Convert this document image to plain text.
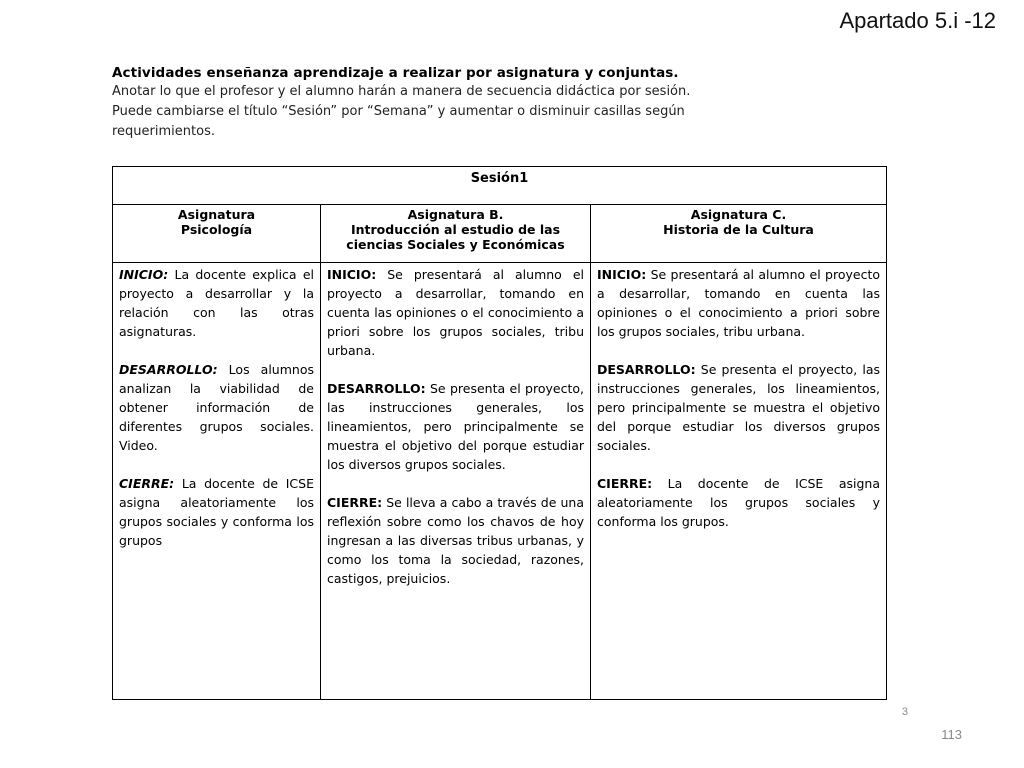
Apartado 5.i -12

Actividades enseñanza aprendizaje a realizar por asignatura y conjuntas.

Anotar lo que el profesor y el alumno harán a manera de secuencia didáctica por sesión.

Puede cambiarse el título “Sesión” por “Semana” y aumentar o disminuir casillas según

requerimientos.

Sesión1
Asignatura
Psicología

INICIO: La docente explica el proyecto a desarrollar y la relación con las otras asignaturas.

DESARROLLO: Los alumnos analizan la viabilidad de obtener información de diferentes grupos sociales. Video.

CIERRE: La docente de ICSE asigna aleatoriamente los grupos sociales y conforma los grupos

Asignatura B.
Introducción al estudio de las ciencias Sociales y Económicas

INICIO: Se presentará al alumno el proyecto a desarrollar, tomando en cuenta las opiniones o el conocimiento a priori sobre los grupos sociales, tribu urbana.

DESARROLLO: Se presenta el proyecto, las instrucciones generales, los lineamientos, pero principalmente se muestra el objetivo del porque estudiar los diversos grupos sociales.

CIERRE: Se lleva a cabo a través de una reflexión sobre como los chavos de hoy ingresan a las diversas tribus urbanas, y como los toma la sociedad, razones, castigos, prejuicios.

Asignatura C.
Historia de la Cultura

INICIO: Se presentará al alumno el proyecto a desarrollar, tomando en cuenta las opiniones o el conocimiento a priori sobre los grupos sociales, tribu urbana.

DESARROLLO: Se presenta el proyecto, las instrucciones generales, los lineamientos, pero principalmente se muestra el objetivo del porque estudiar los diversos grupos sociales.

CIERRE: La docente de ICSE asigna aleatoriamente los grupos sociales y conforma los grupos.

3
113
